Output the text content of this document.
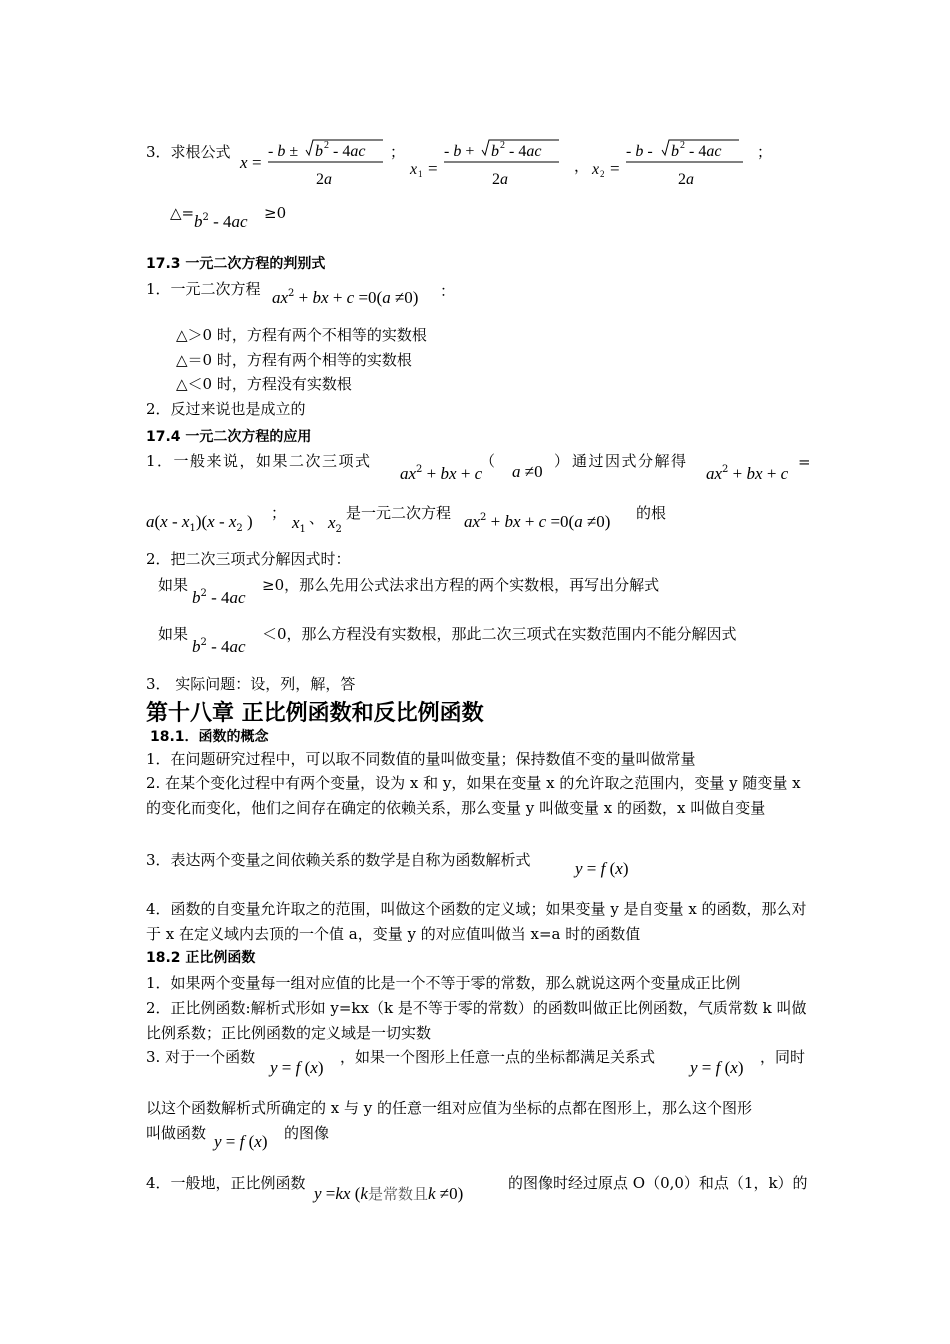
3．求根公式
x =
- b ± b 2 - 4ac
2a
；
x 1 =
- b + b 2 - 4ac
2a
， x 2 =
- b - b 2 - 4ac
2a
；
△= $b^2 - 4ac \ge 0$
17.3 一元二次方程的判别式
1．一元二次方程 $ax^2$ + bx + c =0(a ≠0) ：
△＞0 时，方程有两个不相等的实数根
△＝0 时，方程有两个相等的实数根
△＜0 时，方程没有实数根
2．反过来说也是成立的
17.4 一元二次方程的应用
1．一般来说，如果二次三项式
$ax^2$ + bx + c
（
a ≠0
） 通过因式分解得
$ax^2$ + bx + c
=
$a(x - x_1)(x - x_2$ ) ； $x_1$
、 $x_2$
是一元二次方程 $ax^2$ + bx + c =0(a ≠0) 的根
2．把二次三项式分解因式时：
如果
$b^2 - 4ac$
≥0，那么先用公式法求出方程的两个实数根，再写出分解式
如果
$b^2 - 4ac$
＜0，那么方程没有实数根，那此二次三项式在实数范围内不能分解因式
3． 实际问题：设，列，解，答
第十八章 正比例函数和反比例函数
18.1．函数的概念
1．在问题研究过程中，可以取不同数值的量叫做变量；保持数值不变的量叫做常量
2. 在某个变化过程中有两个变量，设为 x 和 y，如果在变量 x 的允许取之范围内，变量 y 随变量 x 的变化而变化，他们之间存在确定的依赖关系，那么变量 y 叫做变量 x 的函数，x 叫做自变量
3．表达两个变量之间依赖关系的数学是自称为函数解析式	y = f (x)
4．函数的自变量允许取之的范围，叫做这个函数的定义域；如果变量 y 是自变量 x 的函数，那么对于 x 在定义域内去顶的一个值 a，变量 y 的对应值叫做当 x=a 时的函数值
18.2 正比例函数
1．如果两个变量每一组对应值的比是一个不等于零的常数，那么就说这两个变量成正比例
2．正比例函数:解析式形如 y=kx（k 是不等于零的常数）的函数叫做正比例函数，气质常数 k 叫做比例系数；正比例函数的定义域是一切实数
3. 对于一个函数
y = f (x)
，如果一个图形上任意一点的坐标都满足关系式
y = f (x)
，同时
以这个函数解析式所确定的 x 与 y 的任意一组对应值为坐标的点都在图形上，那么这个图形
叫做函数 y = f (x) 的图像
4．一般地，正比例函数
y =kx (k是常数且k ≠0)
的图像时经过原点 O（0,0）和点（1，k）的
